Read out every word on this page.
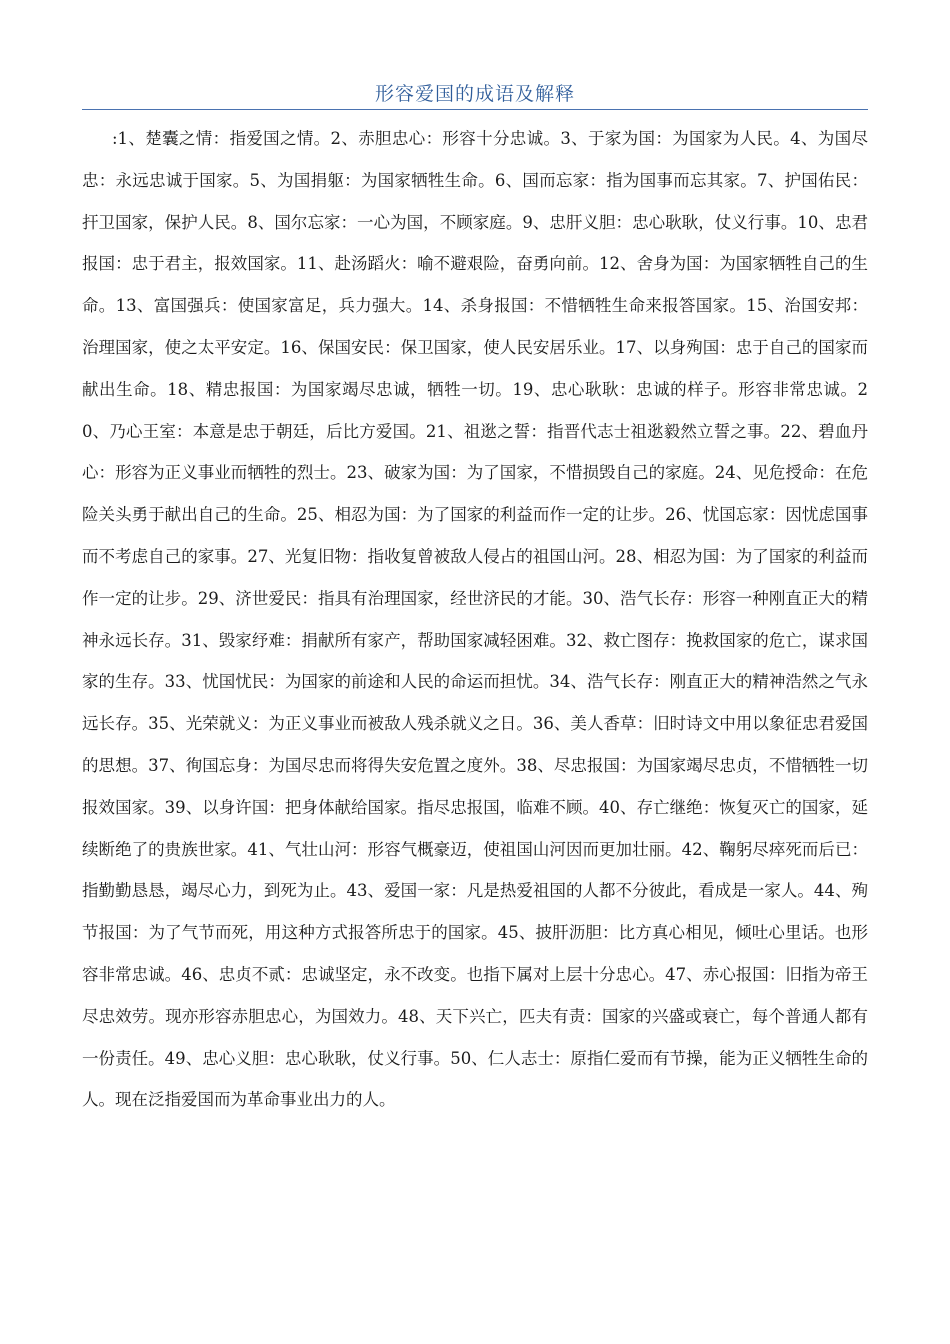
形容爱国的成语及解释

:1、楚囊之情：指爱国之情。2、赤胆忠心：形容十分忠诚。3、于家为国：为国家为人民。4、为国尽忠：永远忠诚于国家。5、为国捐躯：为国家牺牲生命。6、国而忘家：指为国事而忘其家。7、护国佑民：扞卫国家，保护人民。8、国尔忘家：一心为国，不顾家庭。9、忠肝义胆：忠心耿耿，仗义行事。10、忠君报国：忠于君主，报效国家。11、赴汤蹈火：喻不避艰险，奋勇向前。12、舍身为国：为国家牺牲自己的生命。13、富国强兵：使国家富足，兵力强大。14、杀身报国：不惜牺牲生命来报答国家。15、治国安邦：治理国家，使之太平安定。16、保国安民：保卫国家，使人民安居乐业。17、以身殉国：忠于自己的国家而献出生命。18、精忠报国：为国家竭尽忠诚，牺牲一切。19、忠心耿耿：忠诚的样子。形容非常忠诚。20、乃心王室：本意是忠于朝廷，后比方爱国。21、祖逖之誓：指晋代志士祖逖毅然立誓之事。22、碧血丹心：形容为正义事业而牺牲的烈士。23、破家为国：为了国家，不惜损毁自己的家庭。24、见危授命：在危险关头勇于献出自己的生命。25、相忍为国：为了国家的利益而作一定的让步。26、忧国忘家：因忧虑国事而不考虑自己的家事。27、光复旧物：指收复曾被敌人侵占的祖国山河。28、相忍为国：为了国家的利益而作一定的让步。29、济世爱民：指具有治理国家，经世济民的才能。30、浩气长存：形容一种刚直正大的精神永远长存。31、毁家纾难：捐献所有家产，帮助国家减轻困难。32、救亡图存：挽救国家的危亡，谋求国家的生存。33、忧国忧民：为国家的前途和人民的命运而担忧。34、浩气长存：刚直正大的精神浩然之气永远长存。35、光荣就义：为正义事业而被敌人残杀就义之日。36、美人香草：旧时诗文中用以象征忠君爱国的思想。37、徇国忘身：为国尽忠而将得失安危置之度外。38、尽忠报国：为国家竭尽忠贞，不惜牺牲一切报效国家。39、以身许国：把身体献给国家。指尽忠报国，临难不顾。40、存亡继绝：恢复灭亡的国家，延续断绝了的贵族世家。41、气壮山河：形容气概豪迈，使祖国山河因而更加壮丽。42、鞠躬尽瘁死而后已：指勤勤恳恳，竭尽心力，到死为止。43、爱国一家：凡是热爱祖国的人都不分彼此，看成是一家人。44、殉节报国：为了气节而死，用这种方式报答所忠于的国家。45、披肝沥胆：比方真心相见，倾吐心里话。也形容非常忠诚。46、忠贞不贰：忠诚坚定，永不改变。也指下属对上层十分忠心。47、赤心报国：旧指为帝王尽忠效劳。现亦形容赤胆忠心，为国效力。48、天下兴亡，匹夫有责：国家的兴盛或衰亡，每个普通人都有一份责任。49、忠心义胆：忠心耿耿，仗义行事。50、仁人志士：原指仁爱而有节操，能为正义牺牲生命的人。现在泛指爱国而为革命事业出力的人。
